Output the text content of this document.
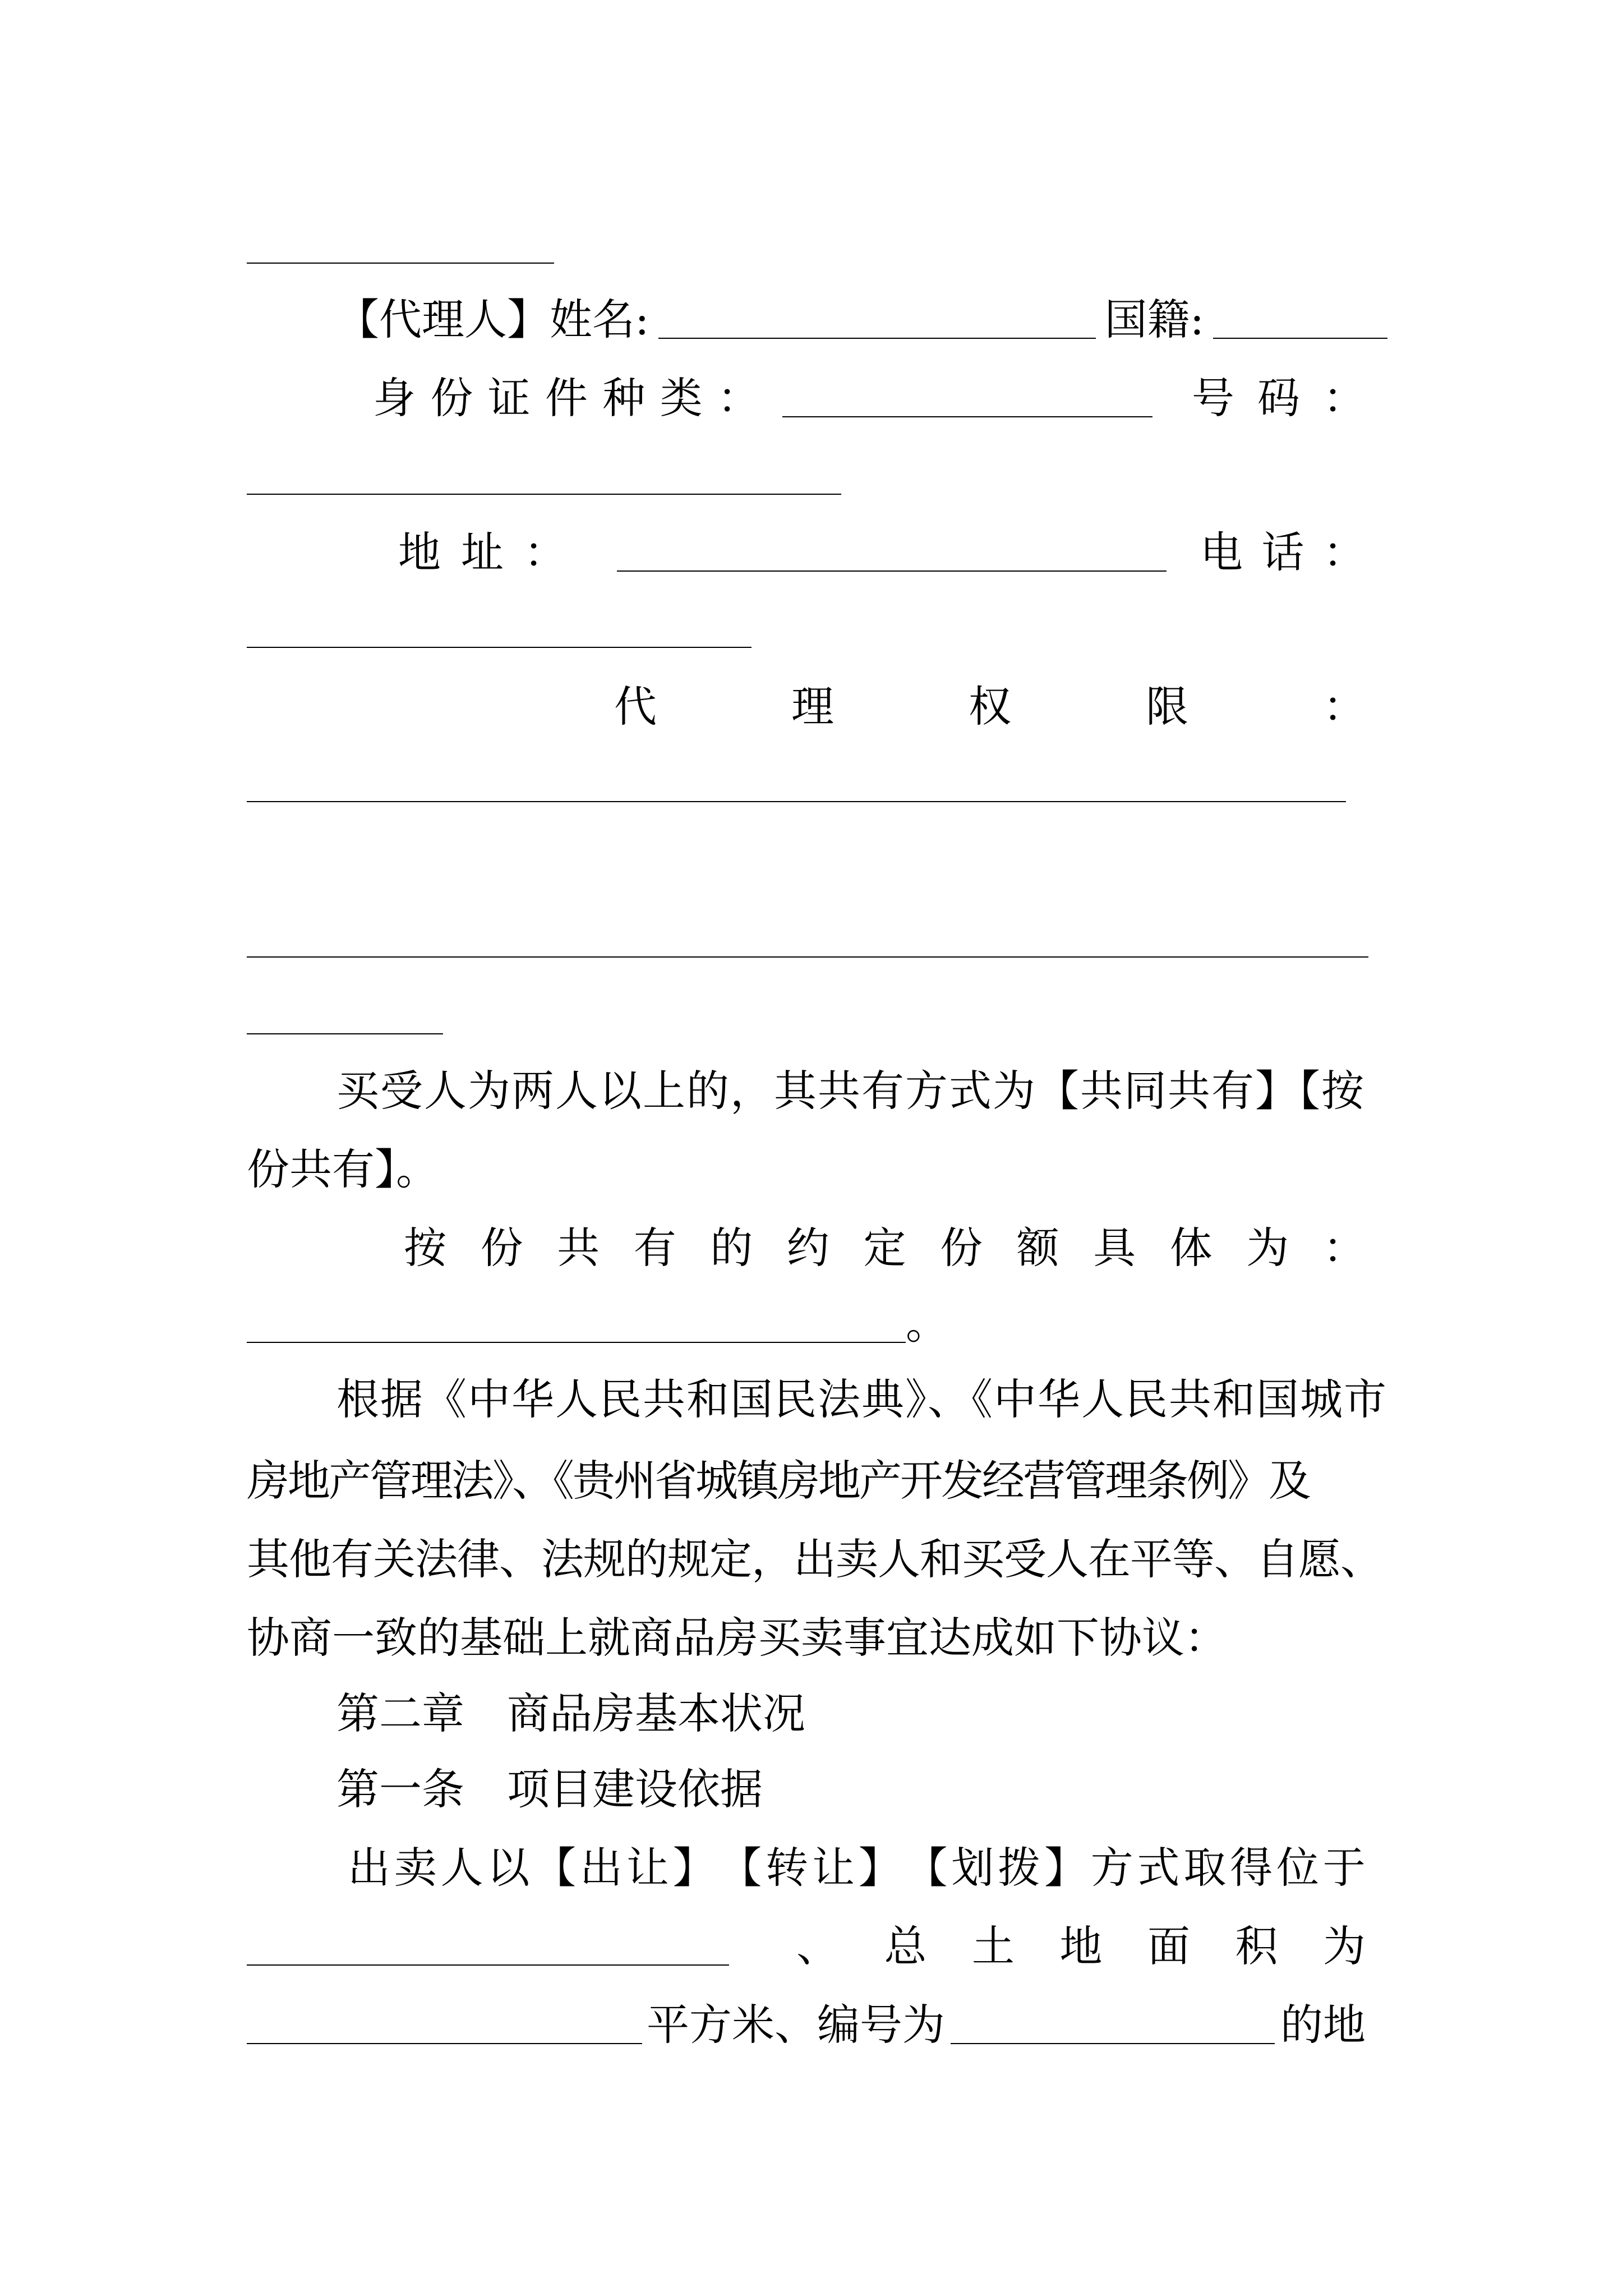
【代理人】姓名:	国籍:
身 份 证 件 种 类 ：	号 码 ：
地 址 ：	电 话 ：
代	理	权	限	：
买受人为两人以上的，其共有方式为【共同共有】【按
份共有】。
按 份 共 有 的 约 定 份 额 具 体 为 ：
。
根据《中华人民共和国民法典》、《中华人民共和国城市
房地产管理法》、《贵州省城镇房地产开发经营管理条例》及
其他有关法律、法规的规定，出卖人和买受人在平等、自愿、
协商一致的基础上就商品房买卖事宜达成如下协议：
第二章　商品房基本状况
第一条　项目建设依据
出 卖 人 以 【 出 让 】 【 转 让 】 【 划 拨 】 方 式 取 得 位 于
、 总 土 地 面 积 为
平方米、编号为	的地
